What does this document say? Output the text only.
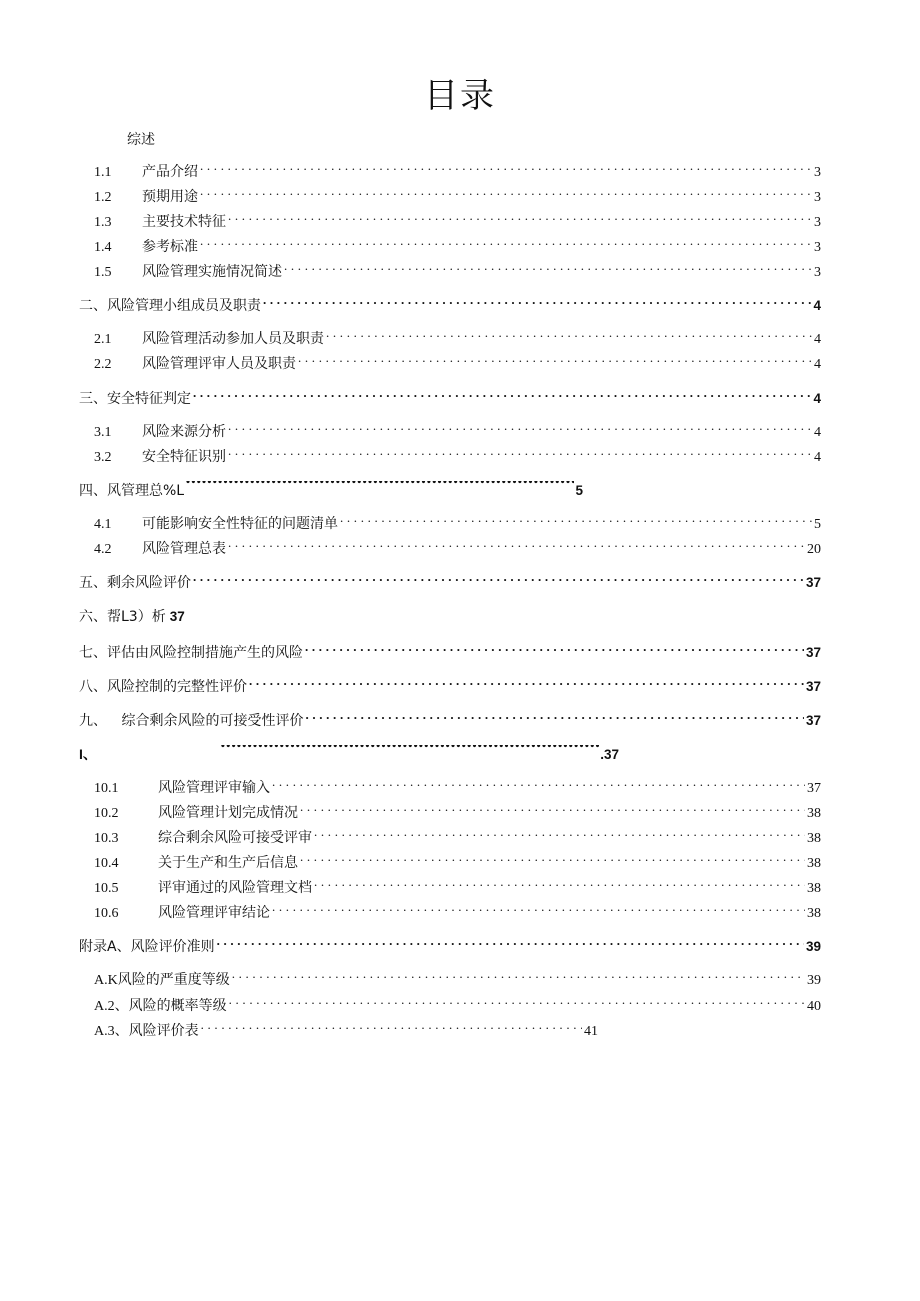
目录
综述
1.1	产品介绍 . . .	3
1.2	预期用途 . . .	3
1.3	主要技术特征 . . .	3
1.4	参考标准 . . .	3
1.5	风险管理实施情况简述 . . .	3
二、风险管理小组成员及职责 . . .	4
2.1	风险管理活动参加人员及职责 . . .	4
2.2	风险管理评审人员及职责 . . .	4
三、安全特征判定 . . .	4
3.1	风险来源分析 . . .	4
3.2	安全特征识别 . . .	4
四、风管理总%L •••••	5
4.1	可能影响安全性特征的问题清单 . . .	5
4.2	风险管理总表 . . .	20
五、剩余风险评价 . . .	37
六、帮L3）析 37
七、评估由风险控制措施产生的风险 . . .	37
八、风险控制的完整性评价 . . .	37
九、 综合剩余风险的可接受性评价 . . .	37
I、 •••••	.37
10.1	风险管理评审输入 . . .	37
10.2	风险管理计划完成情况 . . .	38
10.3	综合剩余风险可接受评审 . . .	38
10.4	关于生产和生产后信息 . . .	38
10.5	评审通过的风险管理文档 . . .	38
10.6	风险管理评审结论 . . .	38
附录A、风险评价准则 . . .	39
A.K风险的严重度等级 . . .	39
A.2、风险的概率等级 . . .	40
A.3、风险评价表 . . .	41
